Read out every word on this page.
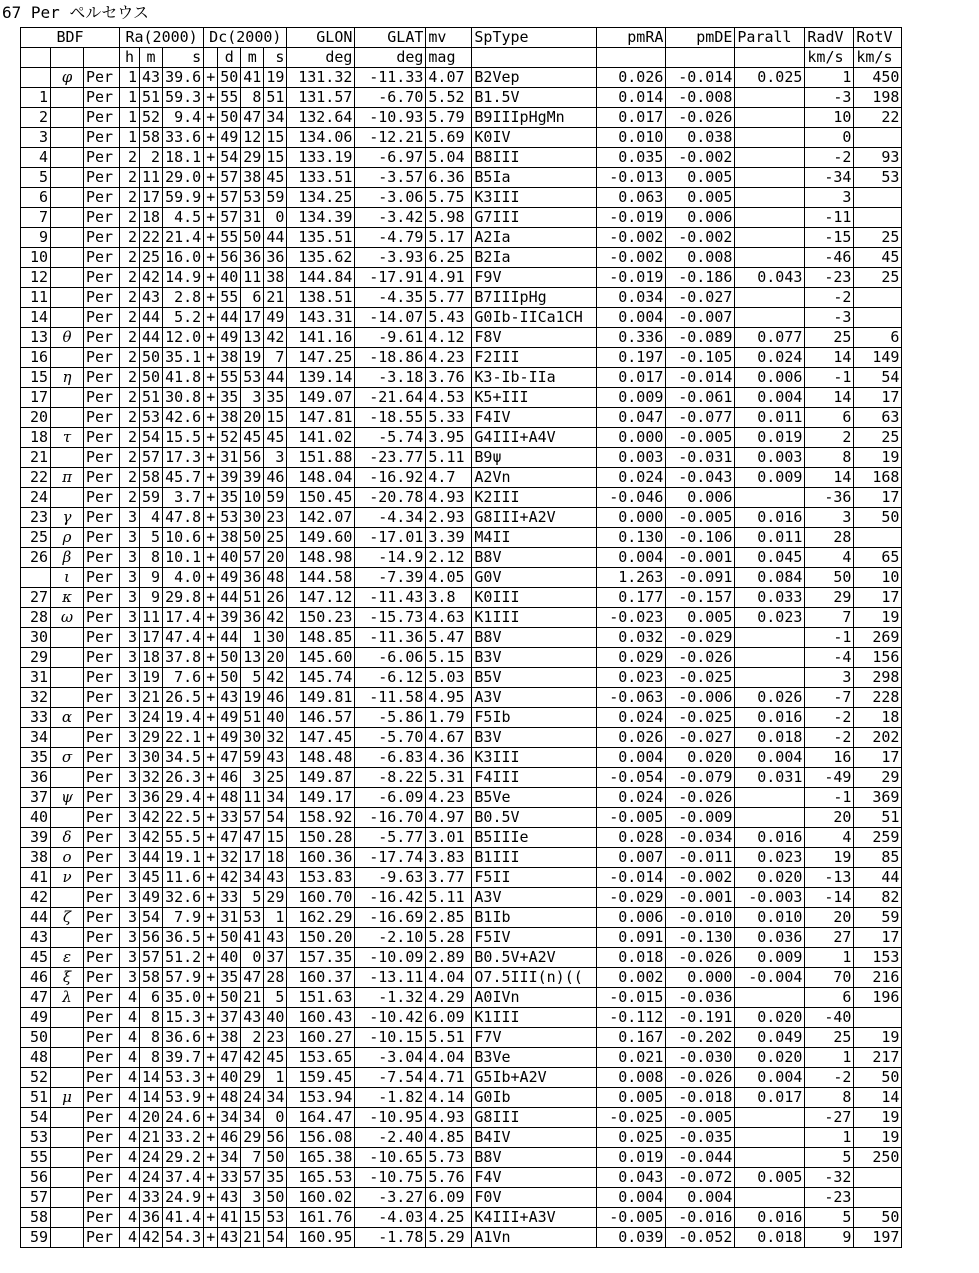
67 Per ペルセウス
BDF			Ra(2000)			Dc(2000)				GLON	GLAT	mv	SpType	pmRA	pmDE	Parall	RadV	RotV
			h	m	s		d	m	s	deg	deg	mag					km/s	km/s
	φ	Per	1	43	39.6	+	50	41	19	131.32	-11.33	4.07	B2Vep	0.026	-0.014	0.025	1	450
1		Per	1	51	59.3	+	55	8	51	131.57	-6.70	5.52	B1.5V	0.014	-0.008		-3	198
2		Per	1	52	9.4	+	50	47	34	132.64	-10.93	5.79	B9IIIpHgMn	0.017	-0.026		10	22
3		Per	1	58	33.6	+	49	12	15	134.06	-12.21	5.69	K0IV	0.010	0.038		0	
4		Per	2	2	18.1	+	54	29	15	133.19	-6.97	5.04	B8III	0.035	-0.002		-2	93
5		Per	2	11	29.0	+	57	38	45	133.51	-3.57	6.36	B5Ia	-0.013	0.005		-34	53
6		Per	2	17	59.9	+	57	53	59	134.25	-3.06	5.75	K3III	0.063	0.005		3	
7		Per	2	18	4.5	+	57	31	0	134.39	-3.42	5.98	G7III	-0.019	0.006		-11	
9		Per	2	22	21.4	+	55	50	44	135.51	-4.79	5.17	A2Ia	-0.002	-0.002		-15	25
10		Per	2	25	16.0	+	56	36	36	135.62	-3.93	6.25	B2Ia	-0.002	0.008		-46	45
12		Per	2	42	14.9	+	40	11	38	144.84	-17.91	4.91	F9V	-0.019	-0.186	0.043	-23	25
11		Per	2	43	2.8	+	55	6	21	138.51	-4.35	5.77	B7IIIpHg	0.034	-0.027		-2	
14		Per	2	44	5.2	+	44	17	49	143.31	-14.07	5.43	G0Ib-IICa1CH	0.004	-0.007		-3	
13	θ	Per	2	44	12.0	+	49	13	42	141.16	-9.61	4.12	F8V	0.336	-0.089	0.077	25	6
16		Per	2	50	35.1	+	38	19	7	147.25	-18.86	4.23	F2III	0.197	-0.105	0.024	14	149
15	η	Per	2	50	41.8	+	55	53	44	139.14	-3.18	3.76	K3-Ib-IIa	0.017	-0.014	0.006	-1	54
17		Per	2	51	30.8	+	35	3	35	149.07	-21.64	4.53	K5+III	0.009	-0.061	0.004	14	17
20		Per	2	53	42.6	+	38	20	15	147.81	-18.55	5.33	F4IV	0.047	-0.077	0.011	6	63
18	τ	Per	2	54	15.5	+	52	45	45	141.02	-5.74	3.95	G4III+A4V	0.000	-0.005	0.019	2	25
21		Per	2	57	17.3	+	31	56	3	151.88	-23.77	5.11	B9ψ	0.003	-0.031	0.003	8	19
22	π	Per	2	58	45.7	+	39	39	46	148.04	-16.92	4.7	A2Vn	0.024	-0.043	0.009	14	168
24		Per	2	59	3.7	+	35	10	59	150.45	-20.78	4.93	K2III	-0.046	0.006		-36	17
23	γ	Per	3	4	47.8	+	53	30	23	142.07	-4.34	2.93	G8III+A2V	0.000	-0.005	0.016	3	50
25	ρ	Per	3	5	10.6	+	38	50	25	149.60	-17.01	3.39	M4II	0.130	-0.106	0.011	28	
26	β	Per	3	8	10.1	+	40	57	20	148.98	-14.9	2.12	B8V	0.004	-0.001	0.045	4	65
	ι	Per	3	9	4.0	+	49	36	48	144.58	-7.39	4.05	G0V	1.263	-0.091	0.084	50	10
27	κ	Per	3	9	29.8	+	44	51	26	147.12	-11.43	3.8	K0III	0.177	-0.157	0.033	29	17
28	ω	Per	3	11	17.4	+	39	36	42	150.23	-15.73	4.63	K1III	-0.023	0.005	0.023	7	19
30		Per	3	17	47.4	+	44	1	30	148.85	-11.36	5.47	B8V	0.032	-0.029		-1	269
29		Per	3	18	37.8	+	50	13	20	145.60	-6.06	5.15	B3V	0.029	-0.026		-4	156
31		Per	3	19	7.6	+	50	5	42	145.74	-6.12	5.03	B5V	0.023	-0.025		3	298
32		Per	3	21	26.5	+	43	19	46	149.81	-11.58	4.95	A3V	-0.063	-0.006	0.026	-7	228
33	α	Per	3	24	19.4	+	49	51	40	146.57	-5.86	1.79	F5Ib	0.024	-0.025	0.016	-2	18
34		Per	3	29	22.1	+	49	30	32	147.45	-5.70	4.67	B3V	0.026	-0.027	0.018	-2	202
35	σ	Per	3	30	34.5	+	47	59	43	148.48	-6.83	4.36	K3III	0.004	0.020	0.004	16	17
36		Per	3	32	26.3	+	46	3	25	149.87	-8.22	5.31	F4III	-0.054	-0.079	0.031	-49	29
37	ψ	Per	3	36	29.4	+	48	11	34	149.17	-6.09	4.23	B5Ve	0.024	-0.026		-1	369
40		Per	3	42	22.5	+	33	57	54	158.92	-16.70	4.97	B0.5V	-0.005	-0.009		20	51
39	δ	Per	3	42	55.5	+	47	47	15	150.28	-5.77	3.01	B5IIIe	0.028	-0.034	0.016	4	259
38	ο	Per	3	44	19.1	+	32	17	18	160.36	-17.74	3.83	B1III	0.007	-0.011	0.023	19	85
41	ν	Per	3	45	11.6	+	42	34	43	153.83	-9.63	3.77	F5II	-0.014	-0.002	0.020	-13	44
42		Per	3	49	32.6	+	33	5	29	160.70	-16.42	5.11	A3V	-0.029	-0.001	-0.003	-14	82
44	ζ	Per	3	54	7.9	+	31	53	1	162.29	-16.69	2.85	B1Ib	0.006	-0.010	0.010	20	59
43		Per	3	56	36.5	+	50	41	43	150.20	-2.10	5.28	F5IV	0.091	-0.130	0.036	27	17
45	ε	Per	3	57	51.2	+	40	0	37	157.35	-10.09	2.89	B0.5V+A2V	0.018	-0.026	0.009	1	153
46	ξ	Per	3	58	57.9	+	35	47	28	160.37	-13.11	4.04	O7.5III(n)((	0.002	0.000	-0.004	70	216
47	λ	Per	4	6	35.0	+	50	21	5	151.63	-1.32	4.29	A0IVn	-0.015	-0.036		6	196
49		Per	4	8	15.3	+	37	43	40	160.43	-10.42	6.09	K1III	-0.112	-0.191	0.020	-40	
50		Per	4	8	36.6	+	38	2	23	160.27	-10.15	5.51	F7V	0.167	-0.202	0.049	25	19
48		Per	4	8	39.7	+	47	42	45	153.65	-3.04	4.04	B3Ve	0.021	-0.030	0.020	1	217
52		Per	4	14	53.3	+	40	29	1	159.45	-7.54	4.71	G5Ib+A2V	0.008	-0.026	0.004	-2	50
51	μ	Per	4	14	53.9	+	48	24	34	153.94	-1.82	4.14	G0Ib	0.005	-0.018	0.017	8	14
54		Per	4	20	24.6	+	34	34	0	164.47	-10.95	4.93	G8III	-0.025	-0.005		-27	19
53		Per	4	21	33.2	+	46	29	56	156.08	-2.40	4.85	B4IV	0.025	-0.035		1	19
55		Per	4	24	29.2	+	34	7	50	165.38	-10.65	5.73	B8V	0.019	-0.044		5	250
56		Per	4	24	37.4	+	33	57	35	165.53	-10.75	5.76	F4V	0.043	-0.072	0.005	-32	
57		Per	4	33	24.9	+	43	3	50	160.02	-3.27	6.09	F0V	0.004	0.004		-23	
58		Per	4	36	41.4	+	41	15	53	161.76	-4.03	4.25	K4III+A3V	-0.005	-0.016	0.016	5	50
59		Per	4	42	54.3	+	43	21	54	160.95	-1.78	5.29	A1Vn	0.039	-0.052	0.018	9	197
